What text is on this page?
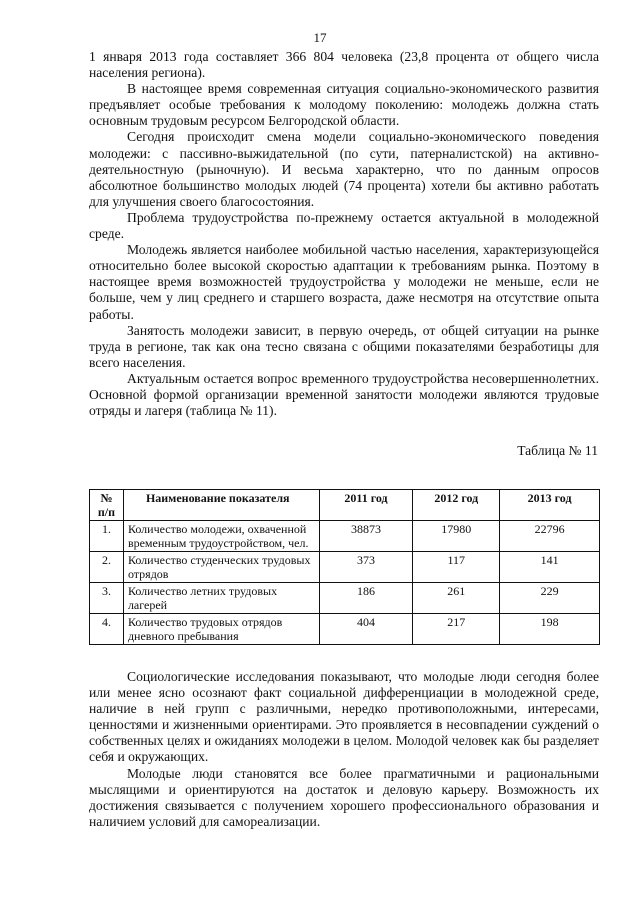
17

1 января 2013 года составляет 366 804 человека (23,8 процента от общего числа населения региона).

В настоящее время современная ситуация социально-экономического развития предъявляет особые требования к молодому поколению: молодежь должна стать основным трудовым ресурсом Белгородской области.

Сегодня происходит смена модели социально-экономического поведения молодежи: с пассивно-выжидательной (по сути, патерналистской) на активно-деятельностную (рыночную). И весьма характерно, что по данным опросов абсолютное большинство молодых людей (74 процента) хотели бы активно работать для улучшения своего благосостояния.

Проблема трудоустройства по-прежнему остается актуальной в молодежной среде.

Молодежь является наиболее мобильной частью населения, характеризующейся относительно более высокой скоростью адаптации к требованиям рынка. Поэтому в настоящее время возможностей трудоустройства у молодежи не меньше, если не больше, чем у лиц среднего и старшего возраста, даже несмотря на отсутствие опыта работы.

Занятость молодежи зависит, в первую очередь, от общей ситуации на рынке труда в регионе, так как она тесно связана с общими показателями безработицы для всего населения.

Актуальным остается вопрос временного трудоустройства несовершеннолетних. Основной формой организации временной занятости молодежи являются трудовые отряды и лагеря (таблица № 11).

Таблица № 11
№ п/п	Наименование показателя	2011 год	2012 год	2013 год
1.	Количество молодежи, охваченной временным трудоустройством, чел.	38873	17980	22796
2.	Количество студенческих трудовых отрядов	373	117	141
3.	Количество летних трудовых лагерей	186	261	229
4.	Количество трудовых отрядов дневного пребывания	404	217	198

Социологические исследования показывают, что молодые люди сегодня более или менее ясно осознают факт социальной дифференциации в молодежной среде, наличие в ней групп с различными, нередко противоположными, интересами, ценностями и жизненными ориентирами. Это проявляется в несовпадении суждений о собственных целях и ожиданиях молодежи в целом. Молодой человек как бы разделяет себя и окружающих.

Молодые люди становятся все более прагматичными и рациональными мыслящими и ориентируются на достаток и деловую карьеру. Возможность их достижения связывается с получением хорошего профессионального образования и наличием условий для самореализации.
